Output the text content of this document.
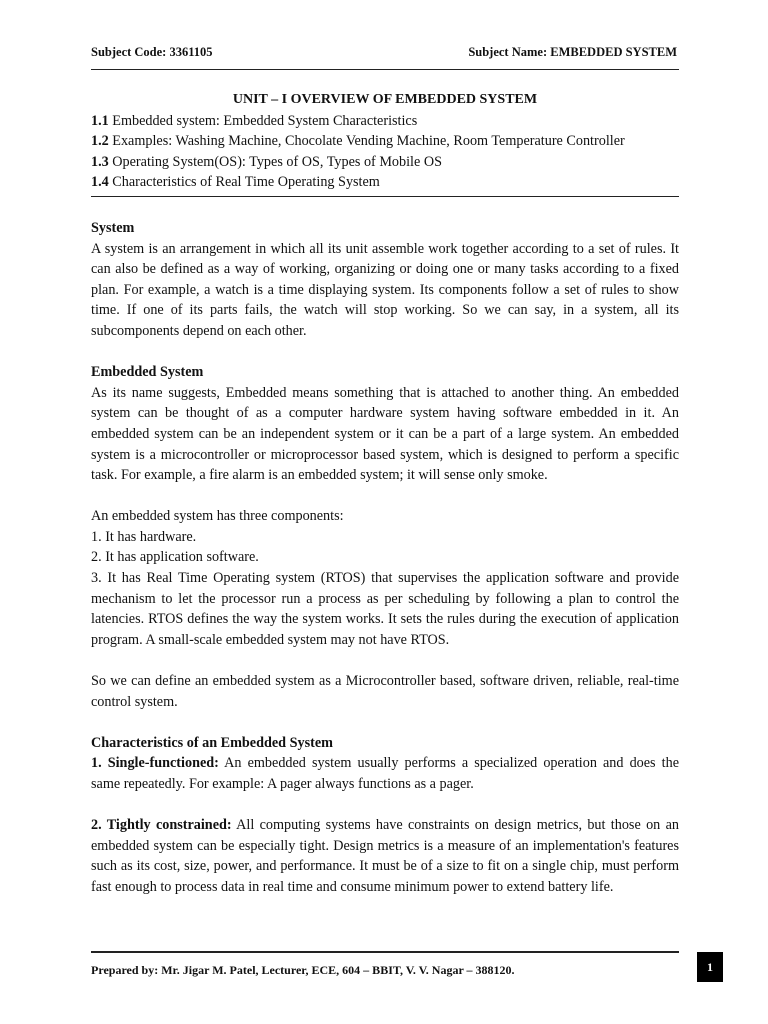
Subject Code: 3361105	Subject Name: EMBEDDED SYSTEM
UNIT – I OVERVIEW OF EMBEDDED SYSTEM
1.1 Embedded system: Embedded System Characteristics
1.2 Examples: Washing Machine, Chocolate Vending Machine, Room Temperature Controller
1.3 Operating System(OS): Types of OS, Types of Mobile OS
1.4 Characteristics of Real Time Operating System
System

A system is an arrangement in which all its unit assemble work together according to a set of rules. It can also be defined as a way of working, organizing or doing one or many tasks according to a fixed plan. For example, a watch is a time displaying system. Its components follow a set of rules to show time. If one of its parts fails, the watch will stop working. So we can say, in a system, all its subcomponents depend on each other.

Embedded System

As its name suggests, Embedded means something that is attached to another thing. An embedded system can be thought of as a computer hardware system having software embedded in it. An embedded system can be an independent system or it can be a part of a large system. An embedded system is a microcontroller or microprocessor based system, which is designed to perform a specific task. For example, a fire alarm is an embedded system; it will sense only smoke.

An embedded system has three components:

1. It has hardware.

2. It has application software.

3. It has Real Time Operating system (RTOS) that supervises the application software and provide mechanism to let the processor run a process as per scheduling by following a plan to control the latencies. RTOS defines the way the system works. It sets the rules during the execution of application program. A small-scale embedded system may not have RTOS.

So we can define an embedded system as a Microcontroller based, software driven, reliable, real-time control system.

Characteristics of an Embedded System

1. Single-functioned: An embedded system usually performs a specialized operation and does the same repeatedly. For example: A pager always functions as a pager.

2. Tightly constrained: All computing systems have constraints on design metrics, but those on an embedded system can be especially tight. Design metrics is a measure of an implementation's features such as its cost, size, power, and performance. It must be of a size to fit on a single chip, must perform fast enough to process data in real time and consume minimum power to extend battery life.

Prepared by: Mr. Jigar M. Patel, Lecturer, ECE, 604 – BBIT, V. V. Nagar – 388120.	1
